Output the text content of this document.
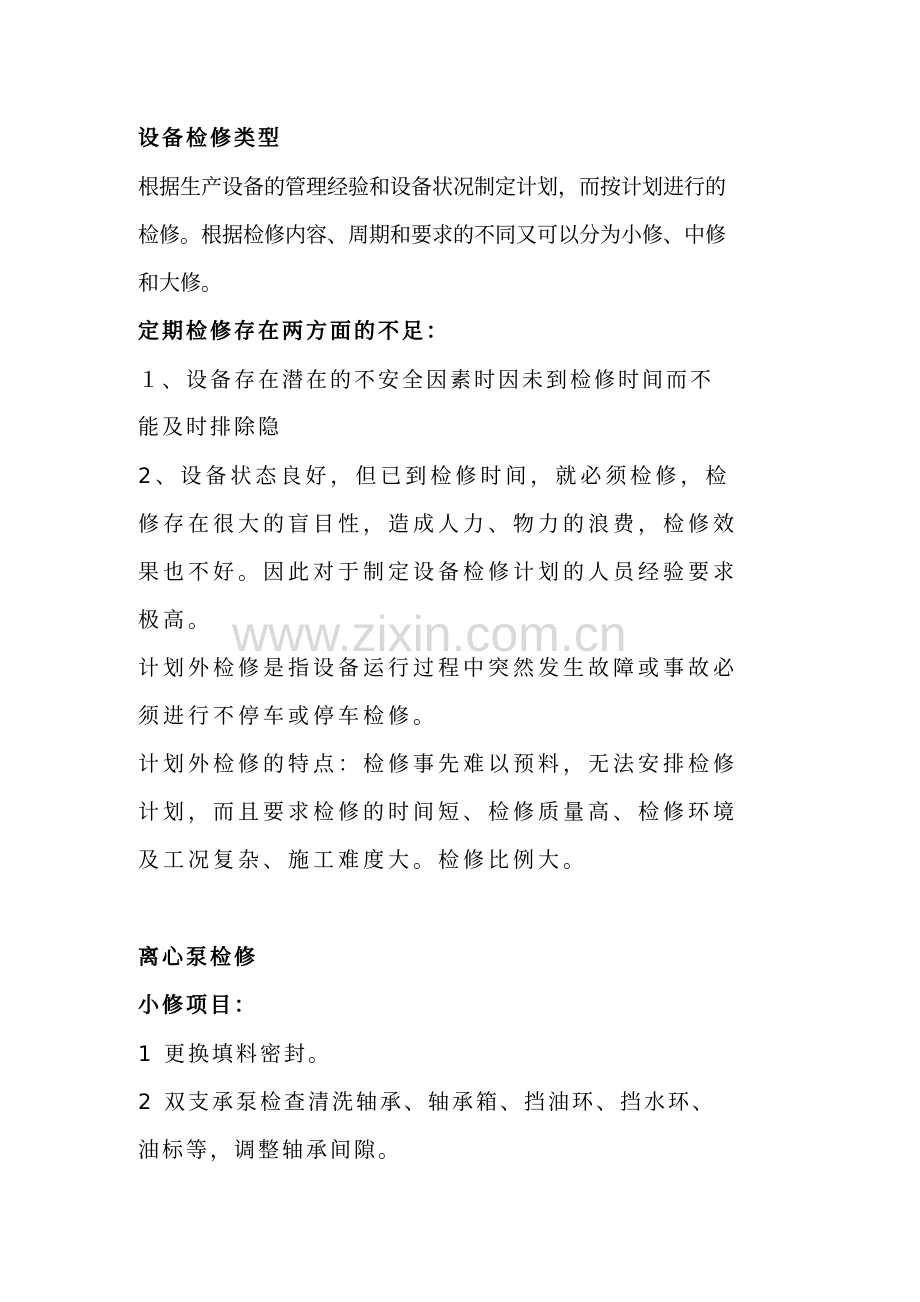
www.zixin.com.cn
设备检修类型
根据生产设备的管理经验和设备状况制定计划，而按计划进行的
检修。根据检修内容、周期和要求的不同又可以分为小修、中修
和大修。
定期检修存在两方面的不足：
１、设备存在潜在的不安全因素时因未到检修时间而不
能及时排除隐
2、设备状态良好，但已到检修时间，就必须检修，检
修存在很大的盲目性，造成人力、物力的浪费，检修效
果也不好。因此对于制定设备检修计划的人员经验要求
极高。
计划外检修是指设备运行过程中突然发生故障或事故必
须进行不停车或停车检修。
计划外检修的特点：检修事先难以预料，无法安排检修
计划，而且要求检修的时间短、检修质量高、检修环境
及工况复杂、施工难度大。检修比例大。
离心泵检修
小修项目：
1 更换填料密封。
2 双支承泵检查清洗轴承、轴承箱、挡油环、挡水环、
油标等，调整轴承间隙。
